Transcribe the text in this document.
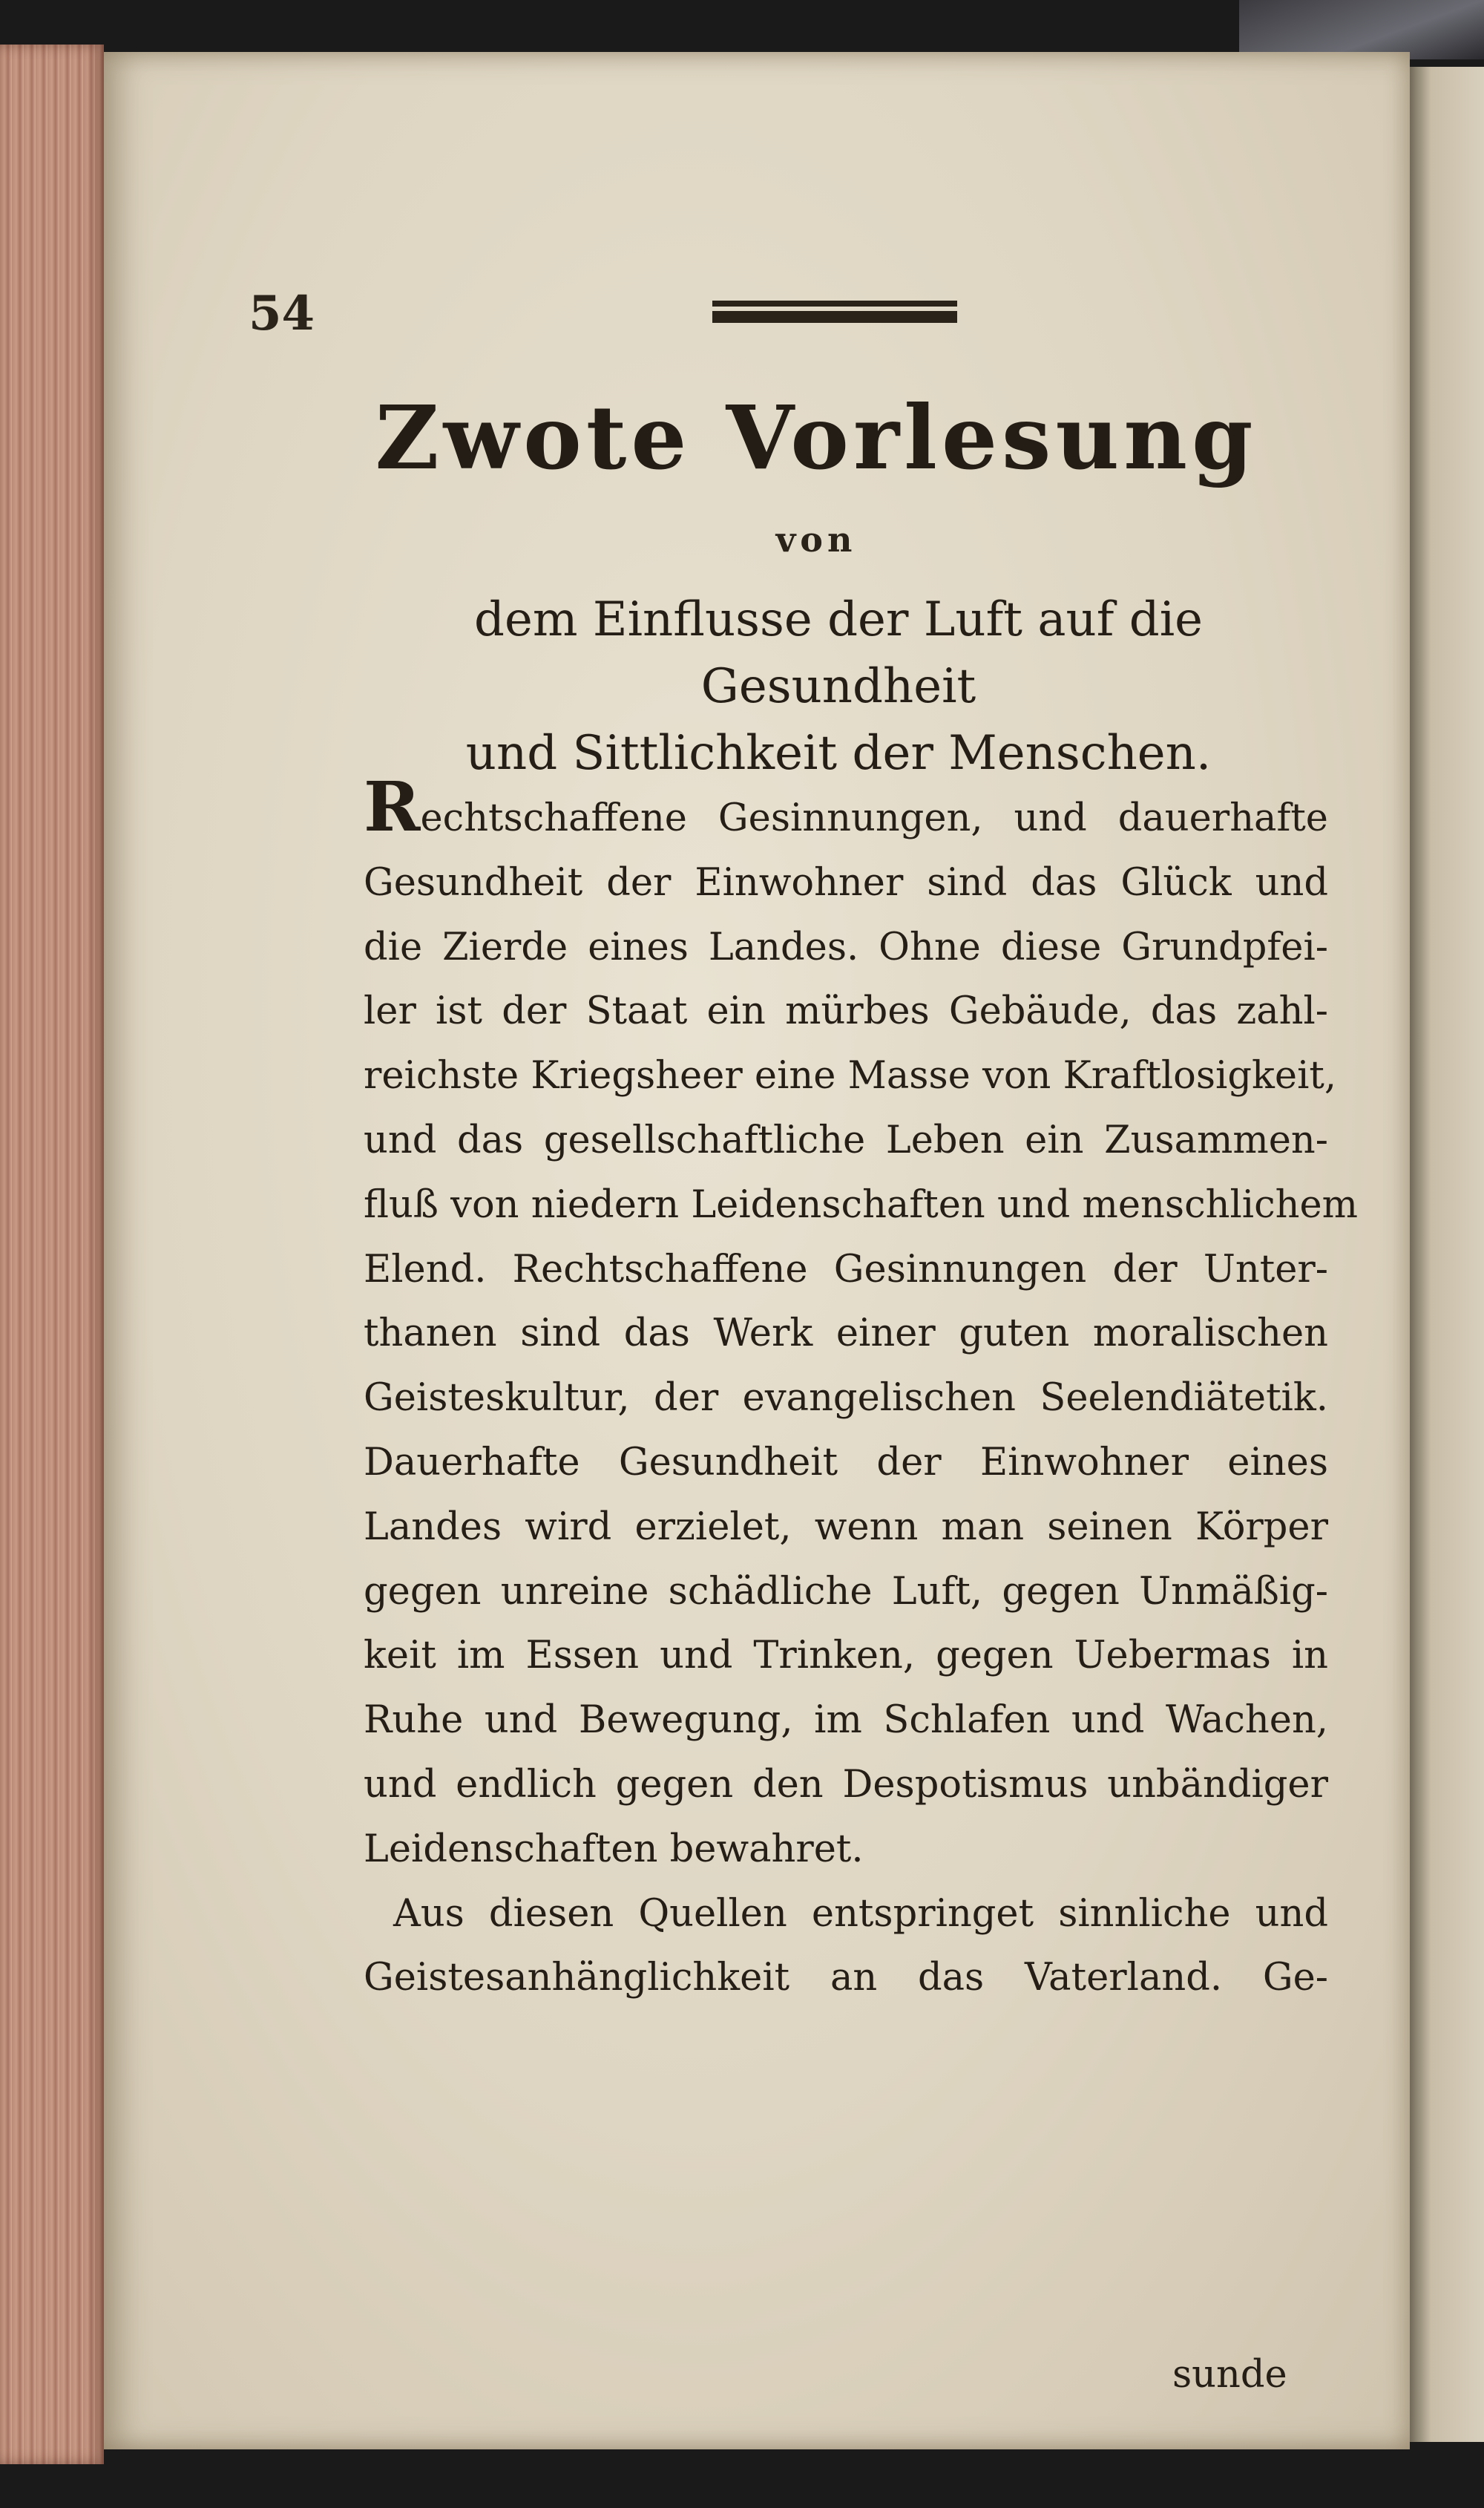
54
Zwote Vorlesung
von
dem Einflusse der Luft auf die Gesundheit
und Sittlichkeit der Menschen.
Rechtschaffene Gesinnungen, und dauerhafte
Gesundheit der Einwohner sind das Glück und
die Zierde eines Landes. Ohne diese Grundpfei-
ler ist der Staat ein mürbes Gebäude, das zahl-
reichste Kriegsheer eine Masse von Kraftlosigkeit,
und das gesellschaftliche Leben ein Zusammen-
fluß von niedern Leidenschaften und menschlichem
Elend. Rechtschaffene Gesinnungen der Unter-
thanen sind das Werk einer guten moralischen
Geisteskultur, der evangelischen Seelendiätetik.
Dauerhafte Gesundheit der Einwohner eines
Landes wird erzielet, wenn man seinen Körper
gegen unreine schädliche Luft, gegen Unmäßig-
keit im Essen und Trinken, gegen Uebermas in
Ruhe und Bewegung, im Schlafen und Wachen,
und endlich gegen den Despotismus unbändiger
Leidenschaften bewahret.
Aus diesen Quellen entspringet sinnliche und
Geistesanhänglichkeit an das Vaterland. Ge-
sunde
